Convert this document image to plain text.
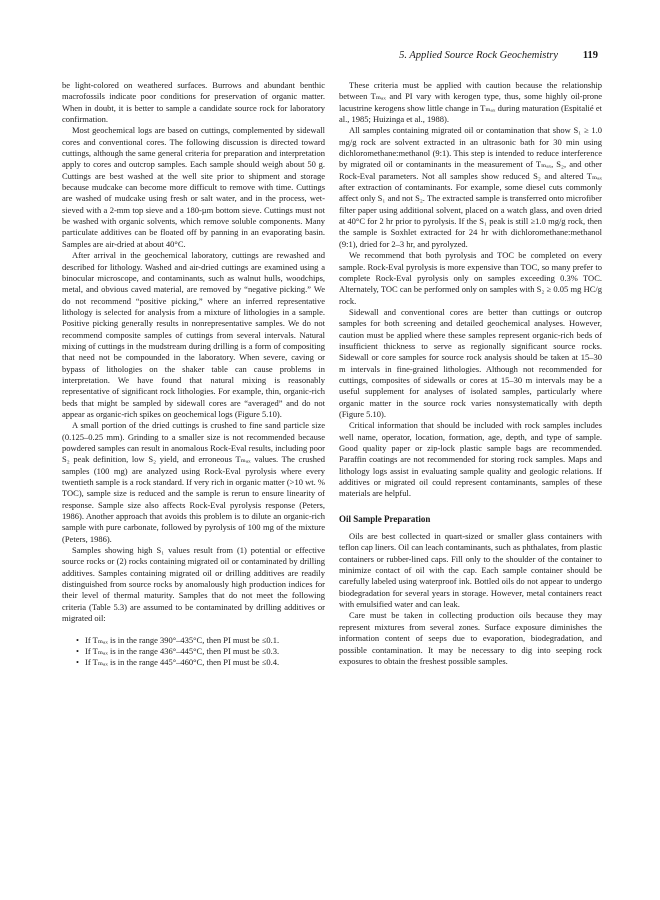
5. Applied Source Rock Geochemistry 119

be light-colored on weathered surfaces. Burrows and abundant benthic macrofossils indicate poor conditions for preservation of organic matter. When in doubt, it is better to sample a candidate source rock for laboratory confirmation.

Most geochemical logs are based on cuttings, complemented by sidewall cores and conventional cores. The following discussion is directed toward cuttings, although the same general criteria for preparation and interpretation apply to cores and outcrop samples. Each sample should weigh about 50 g. Cuttings are best washed at the well site prior to shipment and storage because mudcake can become more difficult to remove with time. Cuttings are washed of mudcake using fresh or salt water, and in the process, wet-sieved with a 2-mm top sieve and a 180-µm bottom sieve. Cuttings must not be washed with organic solvents, which remove soluble components. Many particulate additives can be floated off by panning in an evaporating basin. Samples are air-dried at about 40°C.

After arrival in the geochemical laboratory, cuttings are rewashed and described for lithology. Washed and air-dried cuttings are examined using a binocular microscope, and contaminants, such as walnut hulls, woodchips, metal, and obvious caved material, are removed by “negative picking.” We do not recommend “positive picking,” where an inferred representative lithology is selected for analysis from a mixture of lithologies in a sample. Positive picking generally results in nonrepresentative samples. We do not recommend composite samples of cuttings from several intervals. Natural mixing of cuttings in the mudstream during drilling is a form of compositing that need not be compounded in the laboratory. When severe, caving or bypass of lithologies on the shaker table can cause problems in interpretation. We have found that natural mixing is reasonably representative of significant rock lithologies. For example, thin, organic-rich beds that might be sampled by sidewall cores are “averaged” and do not appear as organic-rich spikes on geochemical logs (Figure 5.10).

A small portion of the dried cuttings is crushed to fine sand particle size (0.125–0.25 mm). Grinding to a smaller size is not recommended because powdered samples can result in anomalous Rock-Eval results, including poor S₂ peak definition, low S₂ yield, and erroneous Tₘₐₓ values. The crushed samples (100 mg) are analyzed using Rock-Eval pyrolysis where every twentieth sample is a rock standard. If very rich in organic matter (>10 wt. % TOC), sample size is reduced and the sample is rerun to ensure linearity of response. Sample size also affects Rock-Eval pyrolysis response (Peters, 1986). Another approach that avoids this problem is to dilute an organic-rich sample with pure carbonate, followed by pyrolysis of 100 mg of the mixture (Peters, 1986).

Samples showing high S₁ values result from (1) potential or effective source rocks or (2) rocks containing migrated oil or contaminated by drilling additives. Samples containing migrated oil or drilling additives are readily distinguished from source rocks by anomalously high production indices for their level of thermal maturity. Samples that do not meet the following criteria (Table 5.3) are assumed to be contaminated by drilling additives or migrated oil:

• If Tₘₐₓ is in the range 390°–435°C, then PI must be ≤0.1.
• If Tₘₐₓ is in the range 436°–445°C, then PI must be ≤0.3.
• If Tₘₐₓ is in the range 445°–460°C, then PI must be ≤0.4.

These criteria must be applied with caution because the relationship between Tₘₐₓ and PI vary with kerogen type, thus, some highly oil-prone lacustrine kerogens show little change in Tₘₐₓ during maturation (Espitalié et al., 1985; Huizinga et al., 1988).

All samples containing migrated oil or contamination that show S₁ ≥ 1.0 mg/g rock are solvent extracted in an ultrasonic bath for 30 min using dichloromethane:methanol (9:1). This step is intended to reduce interference by migrated oil or contaminants in the measurement of Tₘₐₓ, S₂, and other Rock-Eval parameters. Not all samples show reduced S₂ and altered Tₘₐₓ after extraction of contaminants. For example, some diesel cuts commonly affect only S₁ and not S₂. The extracted sample is transferred onto microfiber filter paper using additional solvent, placed on a watch glass, and oven dried at 40°C for 2 hr prior to pyrolysis. If the S₁ peak is still ≥1.0 mg/g rock, then the sample is Soxhlet extracted for 24 hr with dichloromethane:methanol (9:1), dried for 2–3 hr, and pyrolyzed.

We recommend that both pyrolysis and TOC be completed on every sample. Rock-Eval pyrolysis is more expensive than TOC, so many prefer to complete Rock-Eval pyrolysis only on samples exceeding 0.3% TOC. Alternately, TOC can be performed only on samples with S₂ ≥ 0.05 mg HC/g rock.

Sidewall and conventional cores are better than cuttings or outcrop samples for both screening and detailed geochemical analyses. However, caution must be applied where these samples represent organic-rich beds of insufficient thickness to serve as regionally significant source rocks. Sidewall or core samples for source rock analysis should be taken at 15–30 m intervals in fine-grained lithologies. Although not recommended for cuttings, composites of sidewalls or cores at 15–30 m intervals may be a useful supplement for analyses of isolated samples, particularly where organic matter in the source rock varies nonsystematically with depth (Figure 5.10).

Critical information that should be included with rock samples includes well name, operator, location, formation, age, depth, and type of sample. Good quality paper or zip-lock plastic sample bags are recommended. Paraffin coatings are not recommended for storing rock samples. Maps and lithology logs assist in evaluating sample quality and geologic relations. If additives or migrated oil could represent contaminants, samples of these materials are helpful.

Oil Sample Preparation

Oils are best collected in quart-sized or smaller glass containers with teflon cap liners. Oil can leach contaminants, such as phthalates, from plastic containers or rubber-lined caps. Fill only to the shoulder of the container to minimize contact of oil with the cap. Each sample container should be carefully labeled using waterproof ink. Bottled oils do not appear to undergo biodegradation for several years in storage. However, metal containers react with emulsified water and can leak.

Care must be taken in collecting production oils because they may represent mixtures from several zones. Surface exposure diminishes the information content of seeps due to evaporation, biodegradation, and possible contamination. It may be necessary to dig into seeping rock exposures to obtain the freshest possible samples.
